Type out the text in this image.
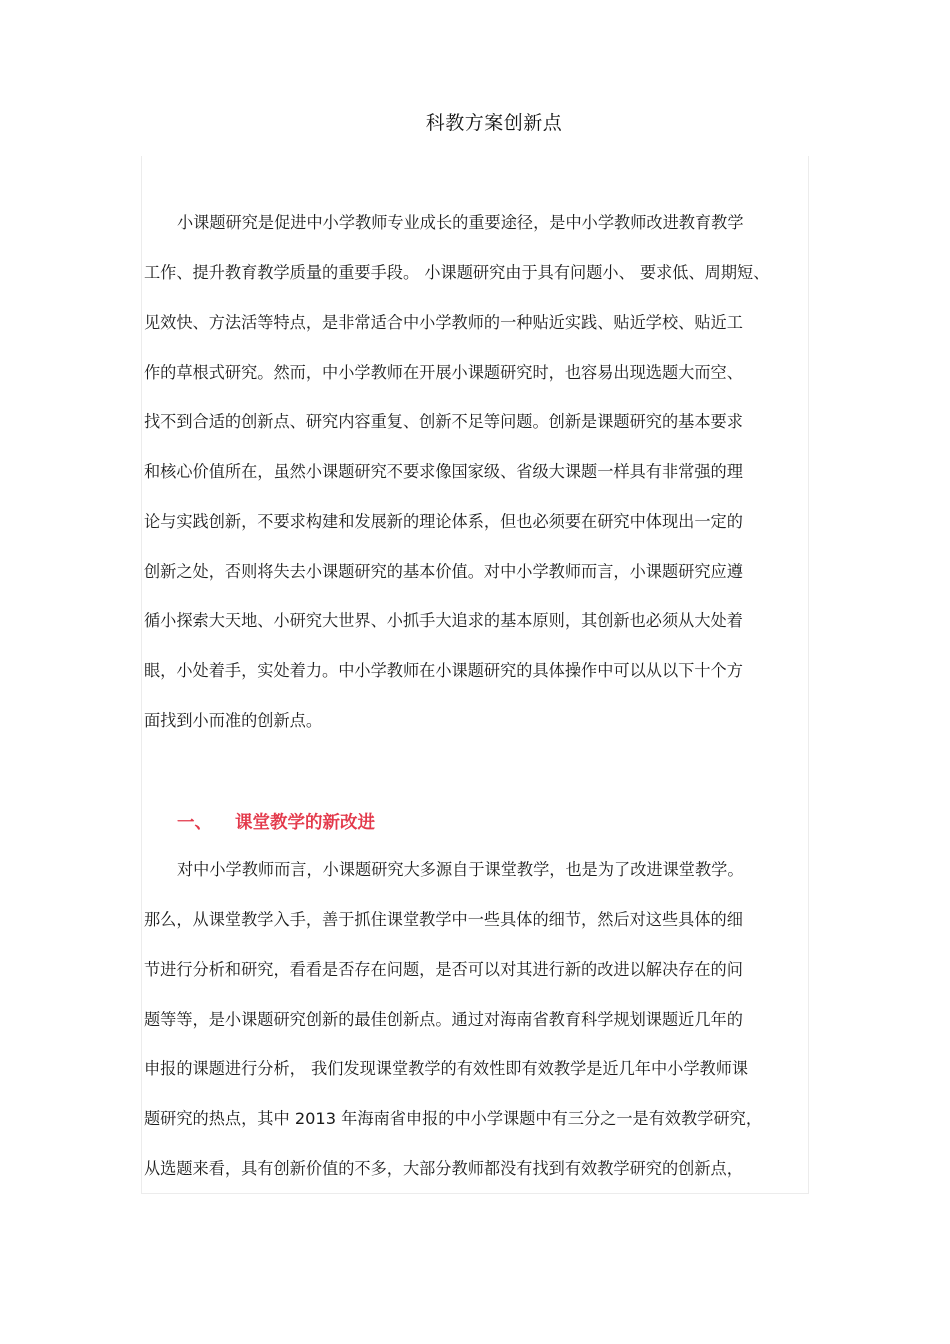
科教方案创新点
小课题研究是促进中小学教师专业成长的重要途径，是中小学教师改进教育教学
工作、提升教育教学质量的重要手段。 小课题研究由于具有问题小、 要求低、周期短、
见效快、方法活等特点，是非常适合中小学教师的一种贴近实践、贴近学校、贴近工
作的草根式研究。然而，中小学教师在开展小课题研究时，也容易出现选题大而空、
找不到合适的创新点、研究内容重复、创新不足等问题。创新是课题研究的基本要求
和核心价值所在，虽然小课题研究不要求像国家级、省级大课题一样具有非常强的理
论与实践创新，不要求构建和发展新的理论体系，但也必须要在研究中体现出一定的
创新之处，否则将失去小课题研究的基本价值。对中小学教师而言，小课题研究应遵
循小探索大天地、小研究大世界、小抓手大追求的基本原则，其创新也必须从大处着
眼，小处着手，实处着力。中小学教师在小课题研究的具体操作中可以从以下十个方
面找到小而准的创新点。
一、 课堂教学的新改进
对中小学教师而言，小课题研究大多源自于课堂教学，也是为了改进课堂教学。
那么，从课堂教学入手，善于抓住课堂教学中一些具体的细节，然后对这些具体的细
节进行分析和研究，看看是否存在问题，是否可以对其进行新的改进以解决存在的问
题等等，是小课题研究创新的最佳创新点。通过对海南省教育科学规划课题近几年的
申报的课题进行分析， 我们发现课堂教学的有效性即有效教学是近几年中小学教师课
题研究的热点，其中 2013 年海南省申报的中小学课题中有三分之一是有效教学研究，
从选题来看，具有创新价值的不多，大部分教师都没有找到有效教学研究的创新点，
